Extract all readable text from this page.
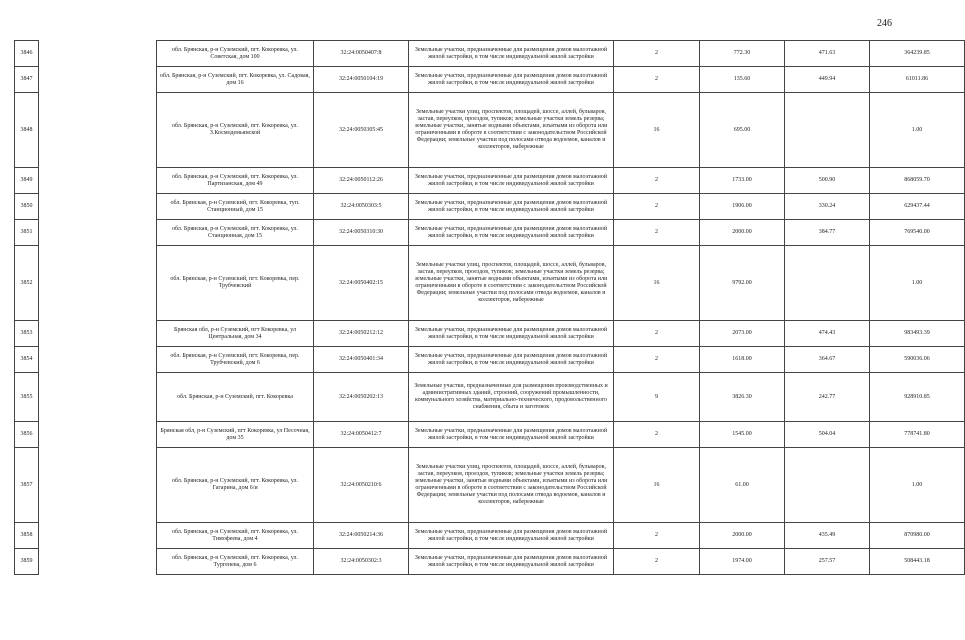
246
3846		обл. Брянская, р-н Суземский, пгт. Кокоревка, ул. Советская, дом 100	32:24:0050407:8	Земельные участки, предназначенные для размещения домов малоэтажной жилой застройки, в том числе индивидуальной жилой застройки	2	772.30	471.63	364239.85
3847		обл. Брянская, р-н Суземский, пгт. Кокоревка, ул. Садовая, дом 16	32:24:0050104:19	Земельные участки, предназначенные для размещения домов малоэтажной жилой застройки, в том числе индивидуальной жилой застройки	2	135.60	449.94	61011.86
3848		обл. Брянская, р-н Суземский, пгт. Кокоревка, ул. З.Космодемьянской	32:24:0050305:45	Земельные участки улиц, проспектов, площадей, шоссе, аллей, бульваров, застав, переулков, проездов, тупиков; земельные участки земель резерва; земельные участки, занятые водными объектами, изъятыми из оборота или ограниченными в обороте в соответствии с законодательством Российской Федерации; земельные участки под полосами отвода водоемов, каналов и коллекторов, набережные	16	695.00		1.00
3849		обл. Брянская, р-н Суземский, пгт. Кокоревка, ул. Партизанская, дом 49	32:24:0050112:26	Земельные участки, предназначенные для размещения домов малоэтажной жилой застройки, в том числе индивидуальной жилой застройки	2	1733.00	500.90	868059.70
3850		обл. Брянская, р-н Суземский, пгт. Кокоревка, туп. Станционный, дом 15	32:24:0050303:5	Земельные участки, предназначенные для размещения домов малоэтажной жилой застройки, в том числе индивидуальной жилой застройки	2	1906.00	330.24	629437.44
3851		обл. Брянская, р-н Суземский, пгт. Кокоревка, ул. Станционная, дом 15	32:24:0050310:30	Земельные участки, предназначенные для размещения домов малоэтажной жилой застройки, в том числе индивидуальной жилой застройки	2	2000.00	384.77	769540.00
3852		обл. Брянская, р-н Суземский, пгт. Кокоревка, пер. Трубчевский	32:24:0050402:15	Земельные участки улиц, проспектов, площадей, шоссе, аллей, бульваров, застав, переулков, проездов, тупиков; земельные участки земель резерва; земельные участки, занятые водными объектами, изъятыми из оборота или ограниченными в обороте в соответствии с законодательством Российской Федерации; земельные участки под полосами отвода водоемов, каналов и коллекторов, набережные	16	9792.00		1.00
3853		Брянская обл, р-н Суземский, пгт Кокоревка, ул Центральная, дом 34	32:24:0050212:12	Земельные участки, предназначенные для размещения домов малоэтажной жилой застройки, в том числе индивидуальной жилой застройки	2	2073.00	474.43	983493.39
3854		обл. Брянская, р-н Суземский, пгт. Кокоревка, пер. Трубчевский, дом 6	32:24:0050401:34	Земельные участки, предназначенные для размещения домов малоэтажной жилой застройки, в том числе индивидуальной жилой застройки	2	1618.00	364.67	590036.06
3855		обл. Брянская, р-н Суземский, пгт. Кокоревка	32:24:0050202:13	Земельные участки, предназначенные для размещения производственных и административных зданий, строений, сооружений промышленности, коммунального хозяйства, материально-технического, продовольственного снабжения, сбыта и заготовок	9	3826.30	242.77	928910.85
3856		Брянская обл, р-н Суземский, пгт Кокоревка, ул Песочная, дом 35	32:24:0050412:7	Земельные участки, предназначенные для размещения домов малоэтажной жилой застройки, в том числе индивидуальной жилой застройки	2	1545.00	504.04	778741.80
3857		обл. Брянская, р-н Суземский, пгт. Кокоревка, ул. Гагарина, дом 6/и	32:24:0050210:6	Земельные участки улиц, проспектов, площадей, шоссе, аллей, бульваров, застав, переулков, проездов, тупиков; земельные участки земель резерва; земельные участки, занятые водными объектами, изъятыми из оборота или ограниченными в обороте в соответствии с законодательством Российской Федерации; земельные участки под полосами отвода водоемов, каналов и коллекторов, набережные	16	61.00		1.00
3858		обл. Брянская, р-н Суземский, пгт. Кокоревка, ул. Тимофеева, дом 4	32:24:0050214:36	Земельные участки, предназначенные для размещения домов малоэтажной жилой застройки, в том числе индивидуальной жилой застройки	2	2000.00	435.49	870980.00
3859		обл. Брянская, р-н Суземский, пгт. Кокоревка, ул. Тургенева, дом 6	32:24:0050302:3	Земельные участки, предназначенные для размещения домов малоэтажной жилой застройки, в том числе индивидуальной жилой застройки	2	1974.00	257.57	508443.18
